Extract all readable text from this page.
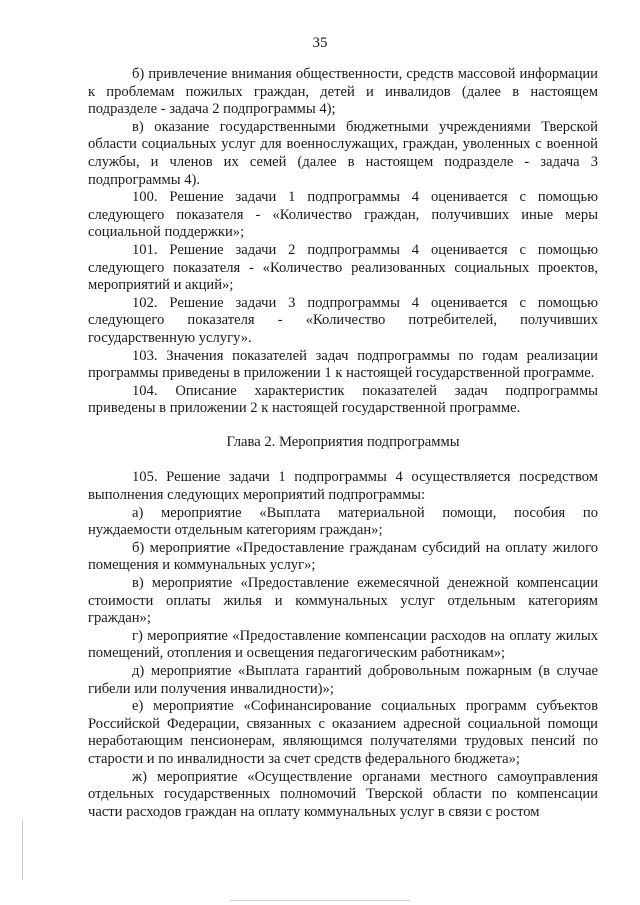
35

б) привлечение внимания общественности, средств массовой информации к проблемам пожилых граждан, детей и инвалидов (далее в настоящем подразделе - задача 2 подпрограммы 4);

в) оказание государственными бюджетными учреждениями Тверской области социальных услуг для военнослужащих, граждан, уволенных с военной службы, и членов их семей (далее в настоящем подразделе - задача 3 подпрограммы 4).

100. Решение задачи 1 подпрограммы 4 оценивается с помощью следующего показателя - «Количество граждан, получивших иные меры социальной поддержки»;

101. Решение задачи 2 подпрограммы 4 оценивается с помощью следующего показателя - «Количество реализованных социальных проектов, мероприятий и акций»;

102. Решение задачи 3 подпрограммы 4 оценивается с помощью следующего показателя - «Количество потребителей, получивших государственную услугу».

103. Значения показателей задач подпрограммы по годам реализации программы приведены в приложении 1 к настоящей государственной программе.

104. Описание характеристик показателей задач подпрограммы приведены в приложении 2 к настоящей государственной программе.

Глава 2. Мероприятия подпрограммы

105. Решение задачи 1 подпрограммы 4 осуществляется посредством выполнения следующих мероприятий подпрограммы:

а) мероприятие «Выплата материальной помощи, пособия по нуждаемости отдельным категориям граждан»;

б) мероприятие «Предоставление гражданам субсидий на оплату жилого помещения и коммунальных услуг»;

в) мероприятие «Предоставление ежемесячной денежной компенсации стоимости оплаты жилья и коммунальных услуг отдельным категориям граждан»;

г) мероприятие «Предоставление компенсации расходов на оплату жилых помещений, отопления и освещения педагогическим работникам»;

д) мероприятие «Выплата гарантий добровольным пожарным (в случае гибели или получения инвалидности)»;

е) мероприятие «Софинансирование социальных программ субъектов Российской Федерации, связанных с оказанием адресной социальной помощи неработающим пенсионерам, являющимся получателями трудовых пенсий по старости и по инвалидности за счет средств федерального бюджета»;

ж) мероприятие «Осуществление органами местного самоуправления отдельных государственных полномочий Тверской области по компенсации части расходов граждан на оплату коммунальных услуг в связи с ростом
